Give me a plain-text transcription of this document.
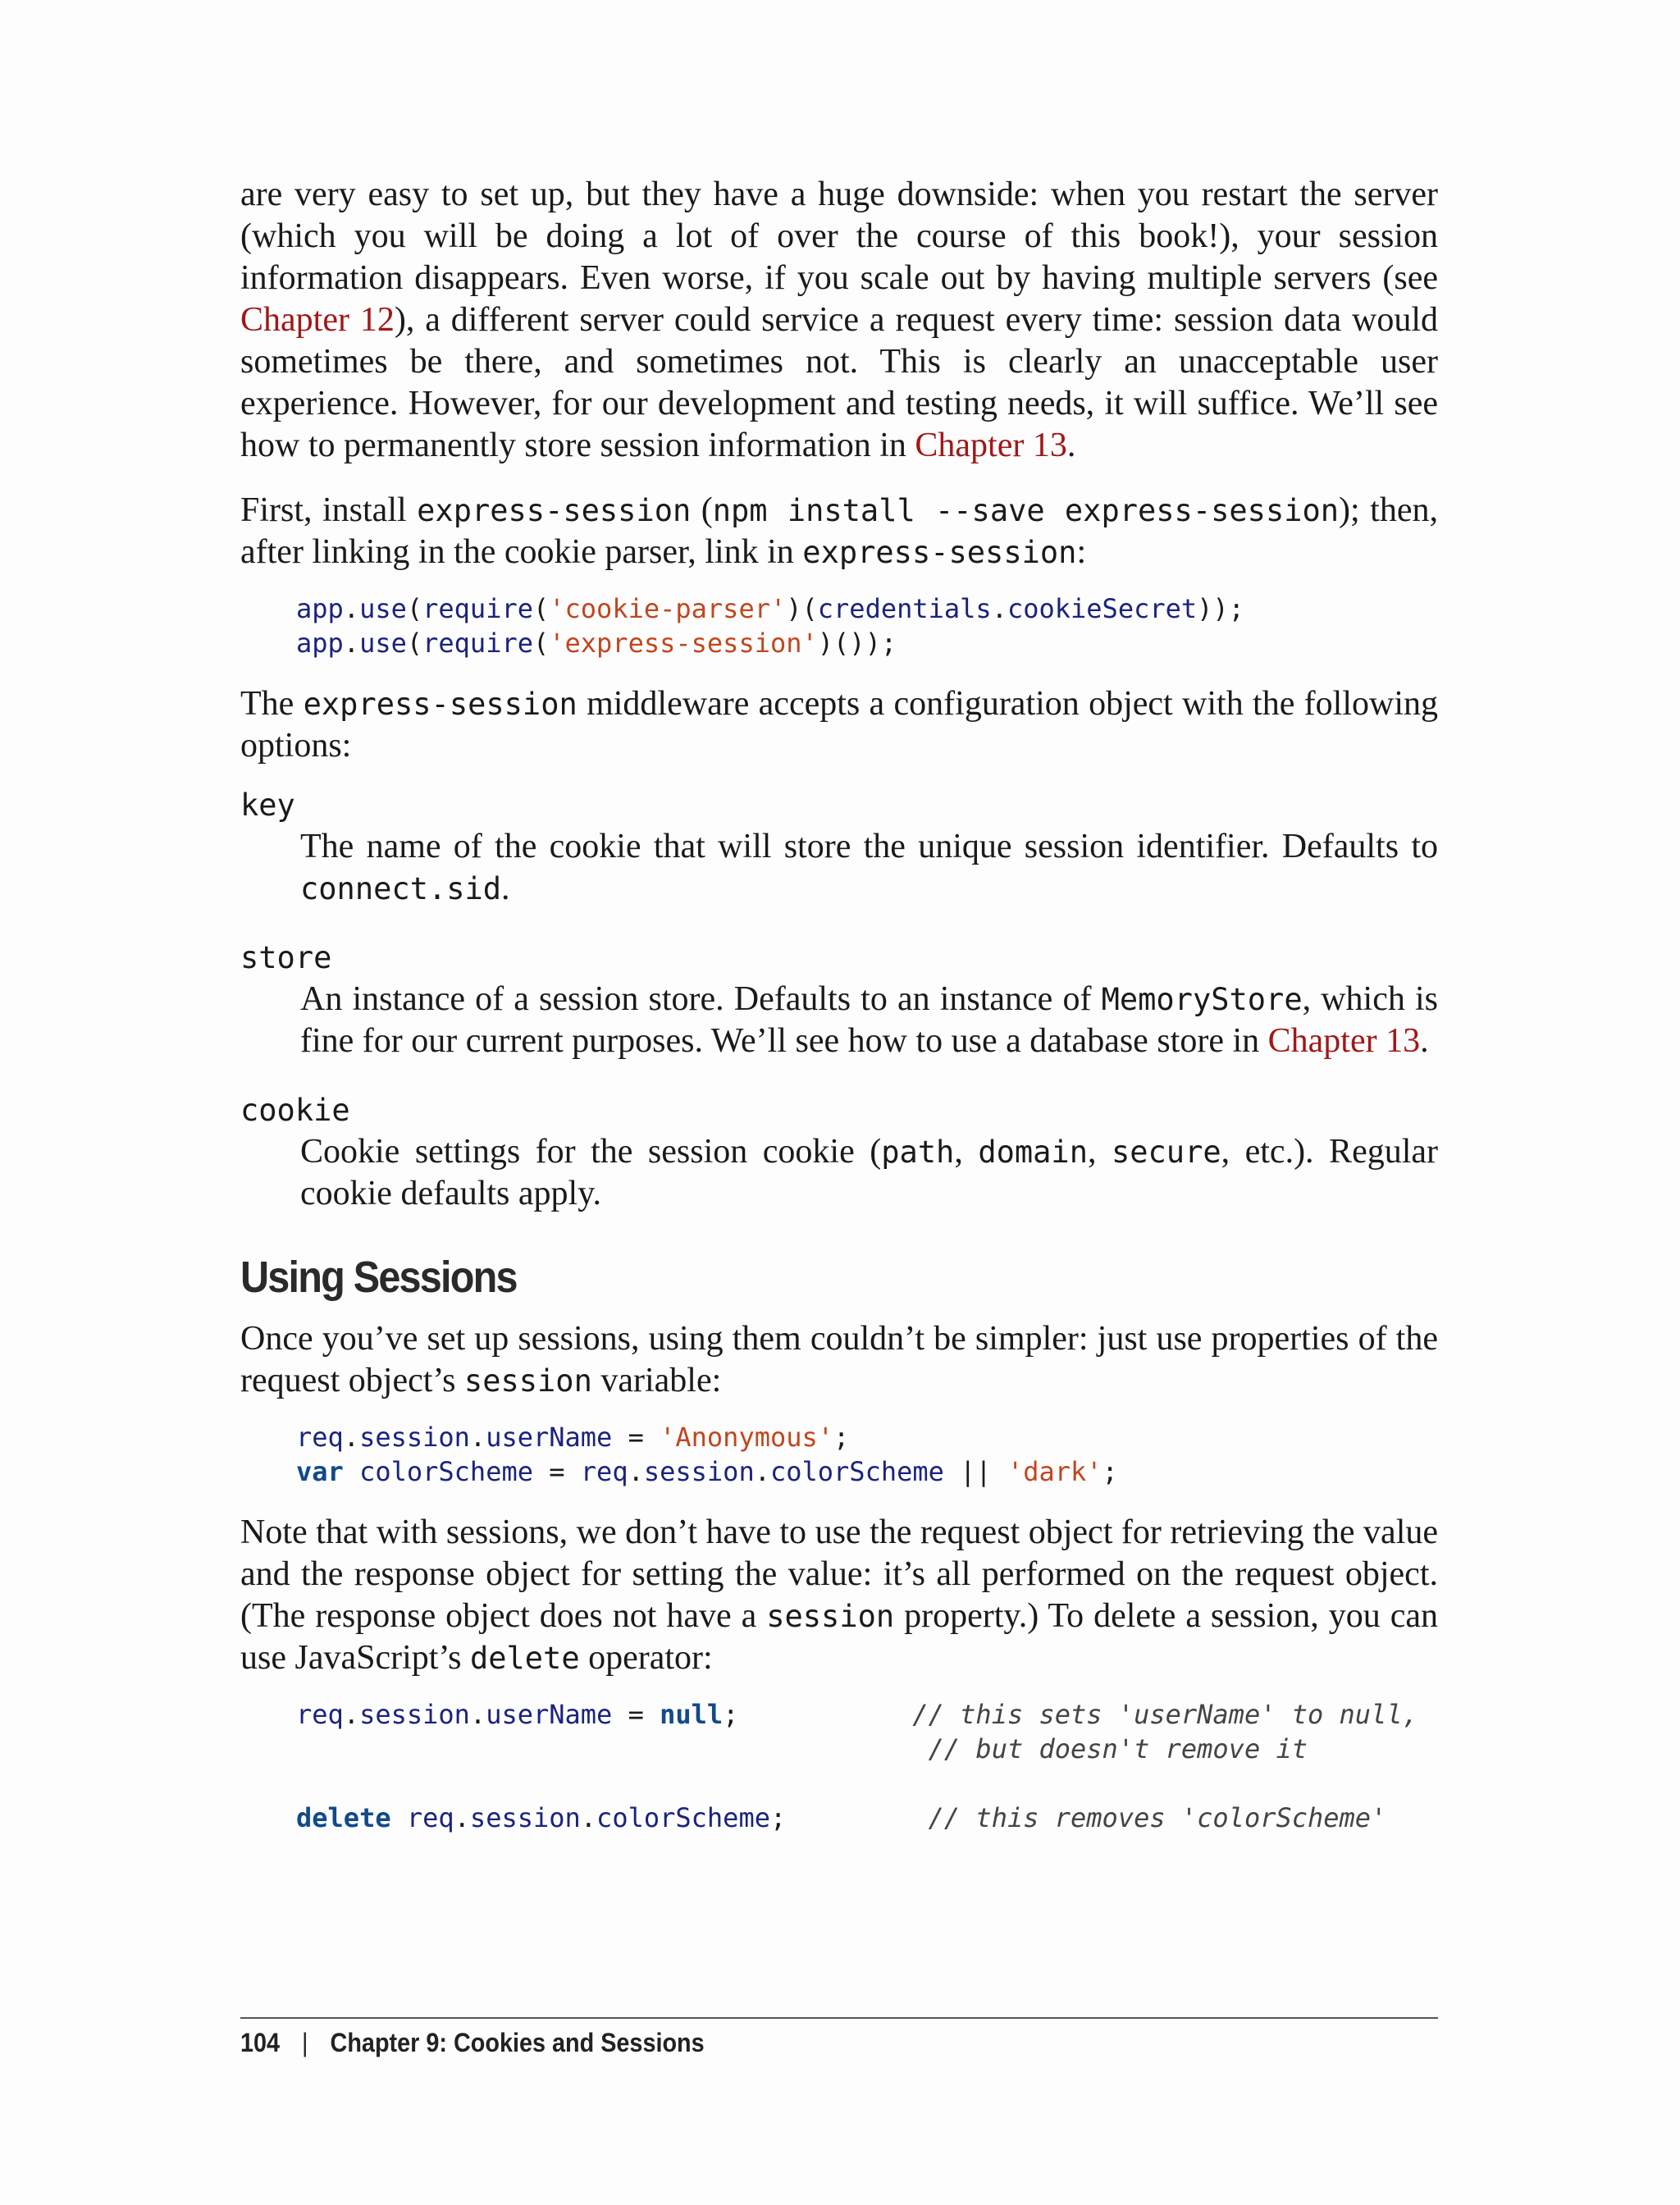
are very easy to set up, but they have a huge downside: when you restart the server (which you will be doing a lot of over the course of this book!), your session information disappears. Even worse, if you scale out by having multiple servers (see Chapter 12), a different server could service a request every time: session data would sometimes be there, and sometimes not. This is clearly an unacceptable user experience. However, for our development and testing needs, it will suffice. We’ll see how to permanently store session information in Chapter 13.

First, install express-session (npm install --save express-session); then, after linking in the cookie parser, link in express-session:

app.use(require('cookie-parser')(credentials.cookieSecret));
app.use(require('express-session')());

The express-session middleware accepts a configuration object with the following options:

key

The name of the cookie that will store the unique session identifier. Defaults to connect.sid.

store

An instance of a session store. Defaults to an instance of MemoryStore, which is fine for our current purposes. We’ll see how to use a database store in Chapter 13.

cookie

Cookie settings for the session cookie (path, domain, secure, etc.). Regular cookie defaults apply.

Using Sessions

Once you’ve set up sessions, using them couldn’t be simpler: just use properties of the request object’s session variable:

req.session.userName = 'Anonymous';
var colorScheme = req.session.colorScheme || 'dark';

Note that with sessions, we don’t have to use the request object for retrieving the value and the response object for setting the value: it’s all performed on the request object. (The response object does not have a session property.) To delete a session, you can use JavaScript’s delete operator:

req.session.userName = null;	// this sets 'userName' to null,
// but doesn't remove it

delete req.session.colorScheme;	// this removes 'colorScheme'
104 | Chapter 9: Cookies and Sessions
